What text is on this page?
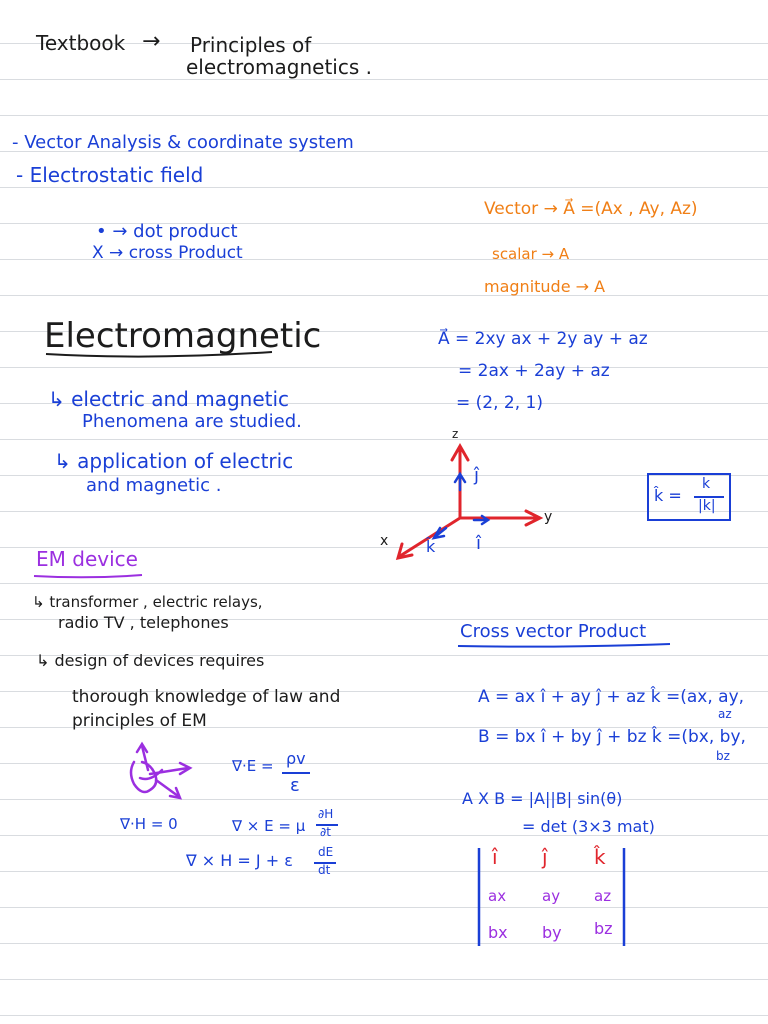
Textbook → Principles of
electromagnetics .
- Vector Analysis & coordinate system
- Electrostatic field
• → dot product
X → cross Product
Vector → A⃗ =(Ax , Ay, Az)
scalar → A
magnitude → A
Electromagnetic
↳ electric and magnetic
Phenomena are studied.
↳ application of electric
and magnetic .
A⃗ = 2xy ax + 2y ay + az
= 2ax + 2ay + az
= (2, 2, 1)
z
y
x
ĵ
î
k̂
k̂ =
k
|k|
EM device
↳ transformer , electric relays,
radio TV , telephones
↳ design of devices requires
thorough knowledge of law and
principles of EM
∇·E = ρv
ε
∇·H = 0	∇ × E = μ
∂H
∂t
∇ × H = J + ε dE
dt
Cross vector Product
A = ax î + ay ĵ + az k̂ =(ax, ay,
az
B = bx î + by ĵ + bz k̂ =(bx, by,
bz
A X B = |A||B| sin(θ)
= det (3×3 mat)
î ĵ k̂
ax ay az
bx by bz
